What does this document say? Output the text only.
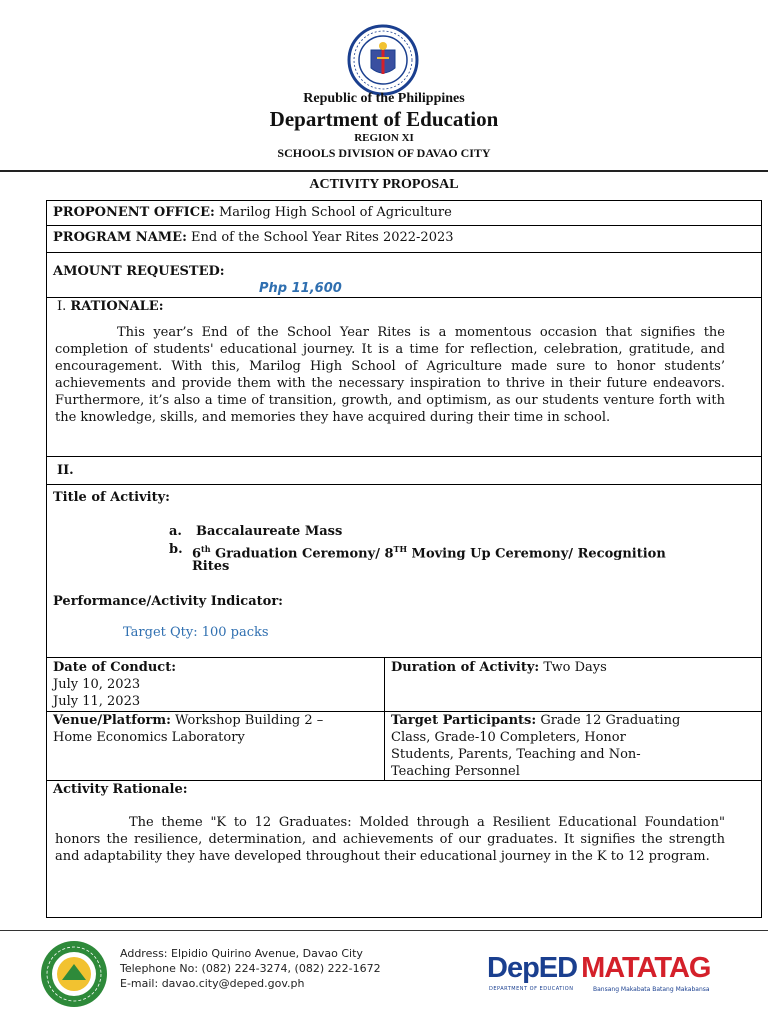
Republic of the Philippines
Department of Education
REGION XI
SCHOOLS DIVISION OF DAVAO CITY
ACTIVITY PROPOSAL
PROPONENT OFFICE: Marilog High School of Agriculture
PROGRAM NAME: End of the School Year Rites 2022-2023
AMOUNT REQUESTED:
Php 11,600
I. RATIONALE:
This year’s End of the School Year Rites is a momentous occasion that signifies the completion of students' educational journey. It is a time for reflection, celebration, gratitude, and encouragement. With this, Marilog High School of Agriculture made sure to honor students’ achievements and provide them with the necessary inspiration to thrive in their future endeavors. Furthermore, it’s also a time of transition, growth, and optimism, as our students venture forth with the knowledge, skills, and memories they have acquired during their time in school.
II.
Title of Activity:
a. Baccalaureate Mass
b. 6th Graduation Ceremony/ 8TH Moving Up Ceremony/ Recognition
Rites
Performance/Activity Indicator:
Target Qty: 100 packs
Date of Conduct:
July 10, 2023
July 11, 2023
Duration of Activity: Two Days
Venue/Platform: Workshop Building 2 –
Home Economics Laboratory
Target Participants: Grade 12 Graduating
Class, Grade-10 Completers, Honor
Students, Parents, Teaching and Non-
Teaching Personnel
Activity Rationale:
The theme "K to 12 Graduates: Molded through a Resilient Educational Foundation" honors the resilience, determination, and achievements of our graduates. It signifies the strength and adaptability they have developed throughout their educational journey in the K to 12 program.
Address: Elpidio Quirino Avenue, Davao City
Telephone No: (082) 224-3274, (082) 222-1672
E-mail: davao.city@deped.gov.ph	DepED MATATAG
DEPARTMENT OF EDUCATION	Bansang Makabata Batang Makabansa
